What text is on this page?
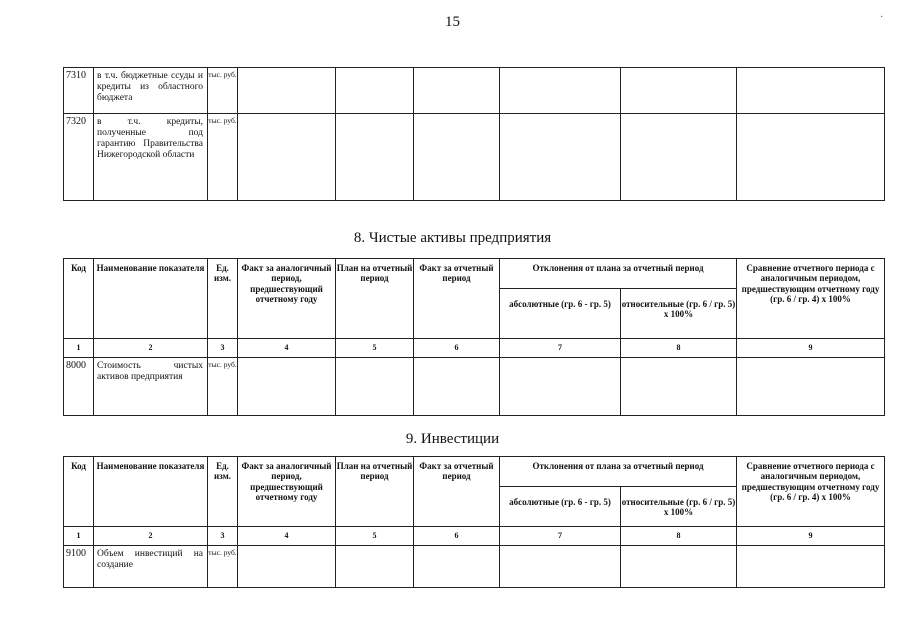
15	·
7310	в т.ч. бюджетные ссуды и кредиты из областного бюджета	тыс. руб.						
7320	в т.ч. кредиты, полученные под гарантию Правительства Нижегородской области	тыс. руб.						
8. Чистые активы предприятия
Код	Наименование показателя	Ед. изм.	Факт за аналогичный период, предшествующий отчетному году	План на отчетный период	Факт за отчетный период	Отклонения от плана за отчетный период		Сравнение отчетного периода с аналогичным периодом, предшествующим отчетному году (гр. 6 / гр. 4) х 100%
						абсолютные (гр. 6 - гр. 5)	относительные (гр. 6 / гр. 5) х 100%	
1	2	3	4	5	6	7	8	9
8000	Стоимость чистых активов предприятия	тыс. руб.						
9. Инвестиции
Код	Наименование показателя	Ед. изм.	Факт за аналогичный период, предшествующий отчетному году	План на отчетный период	Факт за отчетный период	Отклонения от плана за отчетный период		Сравнение отчетного периода с аналогичным периодом, предшествующим отчетному году (гр. 6 / гр. 4) х 100%
						абсолютные (гр. 6 - гр. 5)	относительные (гр. 6 / гр. 5) х 100%	
1	2	3	4	5	6	7	8	9
9100	Объем инвестиций на создание	тыс. руб.						
